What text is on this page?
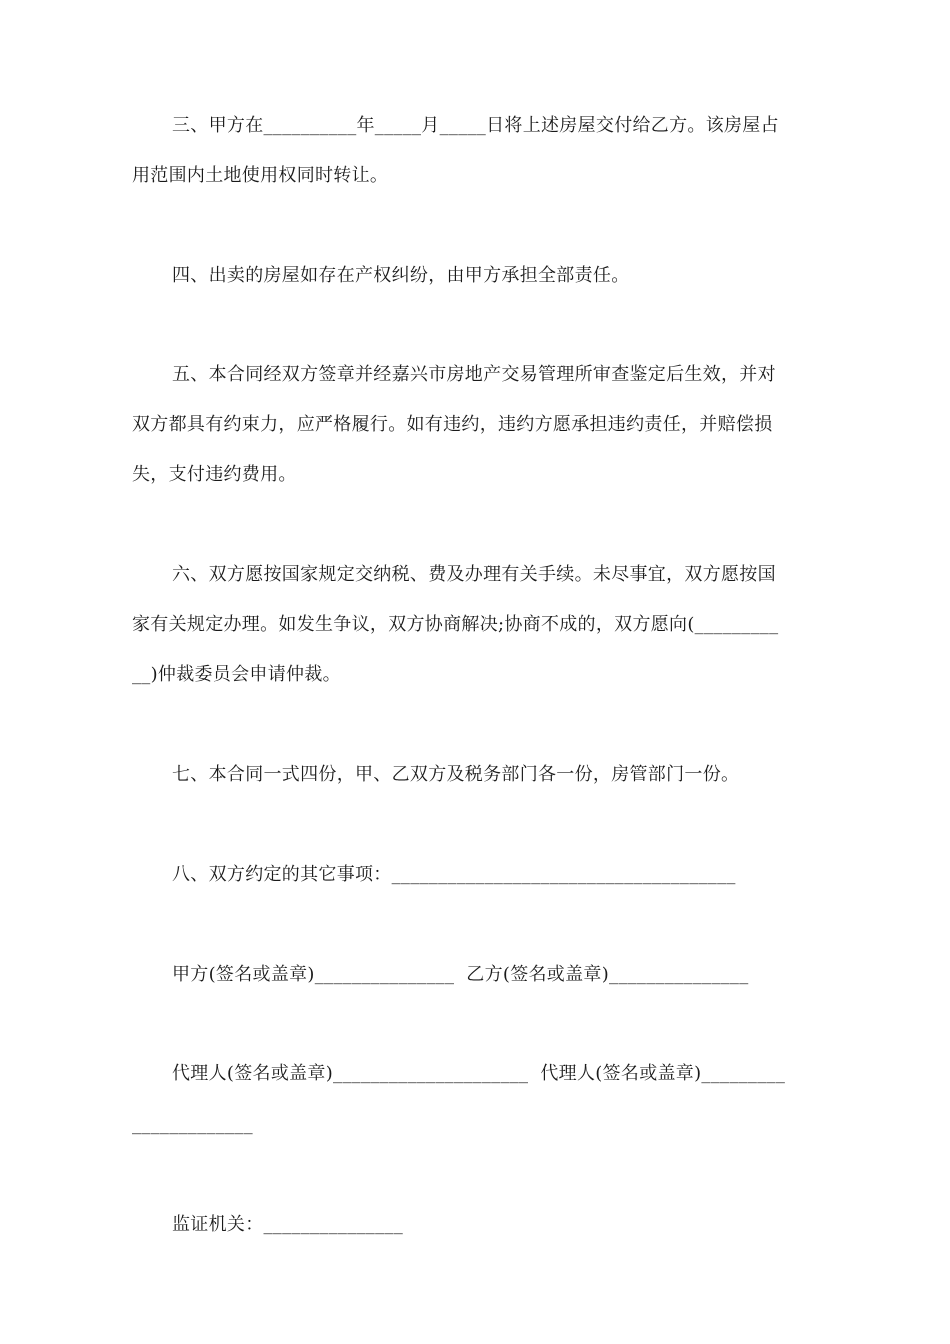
三、甲方在__________年_____月_____日将上述房屋交付给乙方。该房屋占
用范围内土地使用权同时转让。
四、出卖的房屋如存在产权纠纷，由甲方承担全部责任。
五、本合同经双方签章并经嘉兴市房地产交易管理所审查鉴定后生效，并对
双方都具有约束力，应严格履行。如有违约，违约方愿承担违约责任，并赔偿损
失，支付违约费用。
六、双方愿按国家规定交纳税、费及办理有关手续。未尽事宜，双方愿按国
家有关规定办理。如发生争议，双方协商解决;协商不成的，双方愿向(_________
__)仲裁委员会申请仲裁。
七、本合同一式四份，甲、乙双方及税务部门各一份，房管部门一份。
八、双方约定的其它事项：_____________________________________
甲方(签名或盖章)_______________  乙方(签名或盖章)_______________
代理人(签名或盖章)_____________________  代理人(签名或盖章)_________
_____________
监证机关：_______________
